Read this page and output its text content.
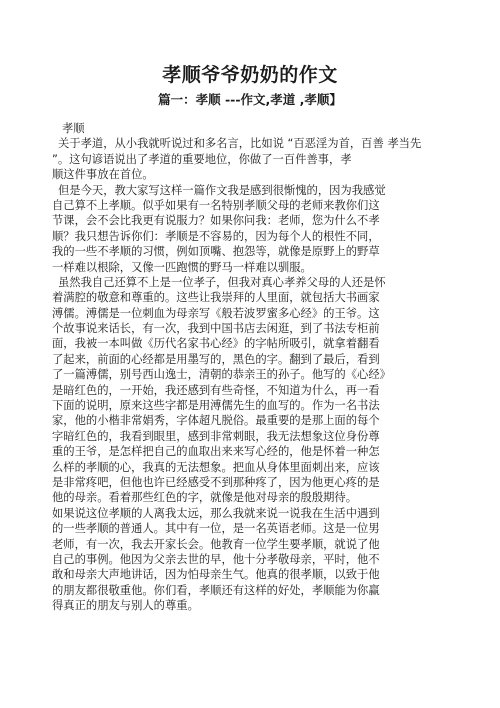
孝顺爷爷奶奶的作文
篇一：孝顺 ---作文,孝道 ,孝顺】
孝顺
关于孝道，从小我就听说过和多名言，比如说 “百恶淫为首，百善 孝当先
”。这句谚语说出了孝道的重要地位，你做了一百件善事，孝
顺这件事放在首位。
但是今天，教大家写这样一篇作文我是感到很惭愧的，因为我感觉
自己算不上孝顺。似乎如果有一名特别孝顺父母的老师来教你们这
节课，会不会比我更有说服力？如果你问我：老师，您为什么不孝
顺？我只想告诉你们：孝顺是不容易的，因为每个人的根性不同，
我的一些不孝顺的习惯，例如顶嘴、抱怨等，就像是原野上的野草
一样难以根除，又像一匹跑惯的野马一样难以驯服。
虽然我自己还算不上是一位孝子，但我对真心孝养父母的人还是怀
着满腔的敬意和尊重的。这些让我崇拜的人里面，就包括大书画家
溥儒。溥儒是一位刺血为母亲写《般若波罗蜜多心经》的王爷。这
个故事说来话长，有一次，我到中国书店去闲逛，到了书法专柜前
面，我被一本叫做《历代名家书心经》的字帖所吸引，就拿着翻看
了起来，前面的心经都是用墨写的，黑色的字。翻到了最后，看到
了一篇溥儒，别号西山逸士，清朝的恭亲王的孙子。他写的《心经》
是暗红色的，一开始，我还感到有些奇怪，不知道为什么，再一看
下面的说明，原来这些字都是用溥儒先生的血写的。作为一名书法
家，他的小楷非常娟秀，字体超凡脱俗。最重要的是那上面的每个
字暗红色的，我看到眼里，感到非常刺眼，我无法想象这位身份尊
重的王爷，是怎样把自己的血取出来来写心经的，他是怀着一种怎
么样的孝顺的心，我真的无法想象。把血从身体里面刺出来，应该
是非常疼吧，但他也许已经感受不到那种疼了，因为他更心疼的是
他的母亲。看着那些红色的字，就像是他对母亲的殷殷期待。
如果说这位孝顺的人离我太远，那么我就来说一说我在生活中遇到
的一些孝顺的普通人。其中有一位，是一名英语老师。这是一位男
老师，有一次，我去开家长会。他教育一位学生要孝顺，就说了他
自己的事例。他因为父亲去世的早，他十分孝敬母亲，平时，他不
敢和母亲大声地讲话，因为怕母亲生气。他真的很孝顺，以致于他
的朋友都很敬重他。你们看，孝顺还有这样的好处，孝顺能为你赢
得真正的朋友与别人的尊重。
